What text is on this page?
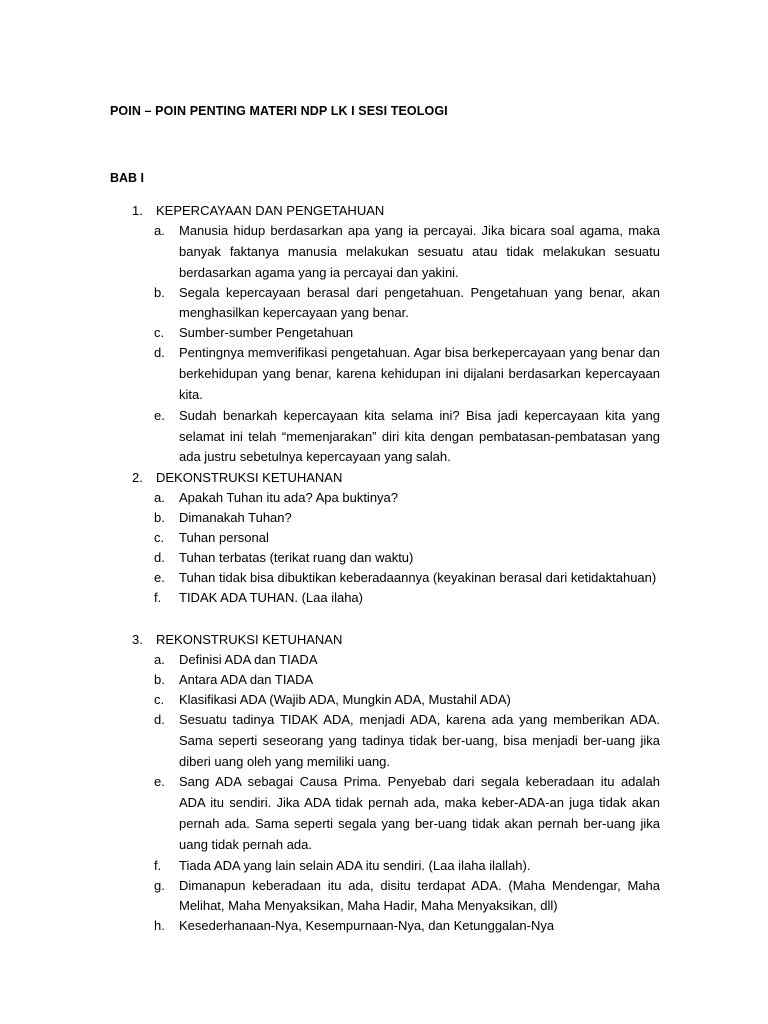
POIN – POIN PENTING MATERI NDP LK I SESI TEOLOGI
BAB I
1. KEPERCAYAAN DAN PENGETAHUAN
a. Manusia hidup berdasarkan apa yang ia percayai. Jika bicara soal agama, maka banyak faktanya manusia melakukan sesuatu atau tidak melakukan sesuatu berdasarkan agama yang ia percayai dan yakini.
b. Segala kepercayaan berasal dari pengetahuan. Pengetahuan yang benar, akan menghasilkan kepercayaan yang benar.
c. Sumber-sumber Pengetahuan
d. Pentingnya memverifikasi pengetahuan. Agar bisa berkepercayaan yang benar dan berkehidupan yang benar, karena kehidupan ini dijalani berdasarkan kepercayaan kita.
e. Sudah benarkah kepercayaan kita selama ini? Bisa jadi kepercayaan kita yang selamat ini telah “memenjarakan” diri kita dengan pembatasan-pembatasan yang ada justru sebetulnya kepercayaan yang salah.
2. DEKONSTRUKSI KETUHANAN
a. Apakah Tuhan itu ada? Apa buktinya?
b. Dimanakah Tuhan?
c. Tuhan personal
d. Tuhan terbatas (terikat ruang dan waktu)
e. Tuhan tidak bisa dibuktikan keberadaannya (keyakinan berasal dari ketidaktahuan)
f. TIDAK ADA TUHAN. (Laa ilaha)
3. REKONSTRUKSI KETUHANAN
a. Definisi ADA dan TIADA
b. Antara ADA dan TIADA
c. Klasifikasi ADA (Wajib ADA, Mungkin ADA, Mustahil ADA)
d. Sesuatu tadinya TIDAK ADA, menjadi ADA, karena ada yang memberikan ADA. Sama seperti seseorang yang tadinya tidak ber-uang, bisa menjadi ber-uang jika diberi uang oleh yang memiliki uang.
e. Sang ADA sebagai Causa Prima. Penyebab dari segala keberadaan itu adalah ADA itu sendiri. Jika ADA tidak pernah ada, maka keber-ADA-an juga tidak akan pernah ada. Sama seperti segala yang ber-uang tidak akan pernah ber-uang jika uang tidak pernah ada.
f. Tiada ADA yang lain selain ADA itu sendiri. (Laa ilaha ilallah).
g. Dimanapun keberadaan itu ada, disitu terdapat ADA. (Maha Mendengar, Maha Melihat, Maha Menyaksikan, Maha Hadir, Maha Menyaksikan, dll)
h. Kesederhanaan-Nya, Kesempurnaan-Nya, dan Ketunggalan-Nya
